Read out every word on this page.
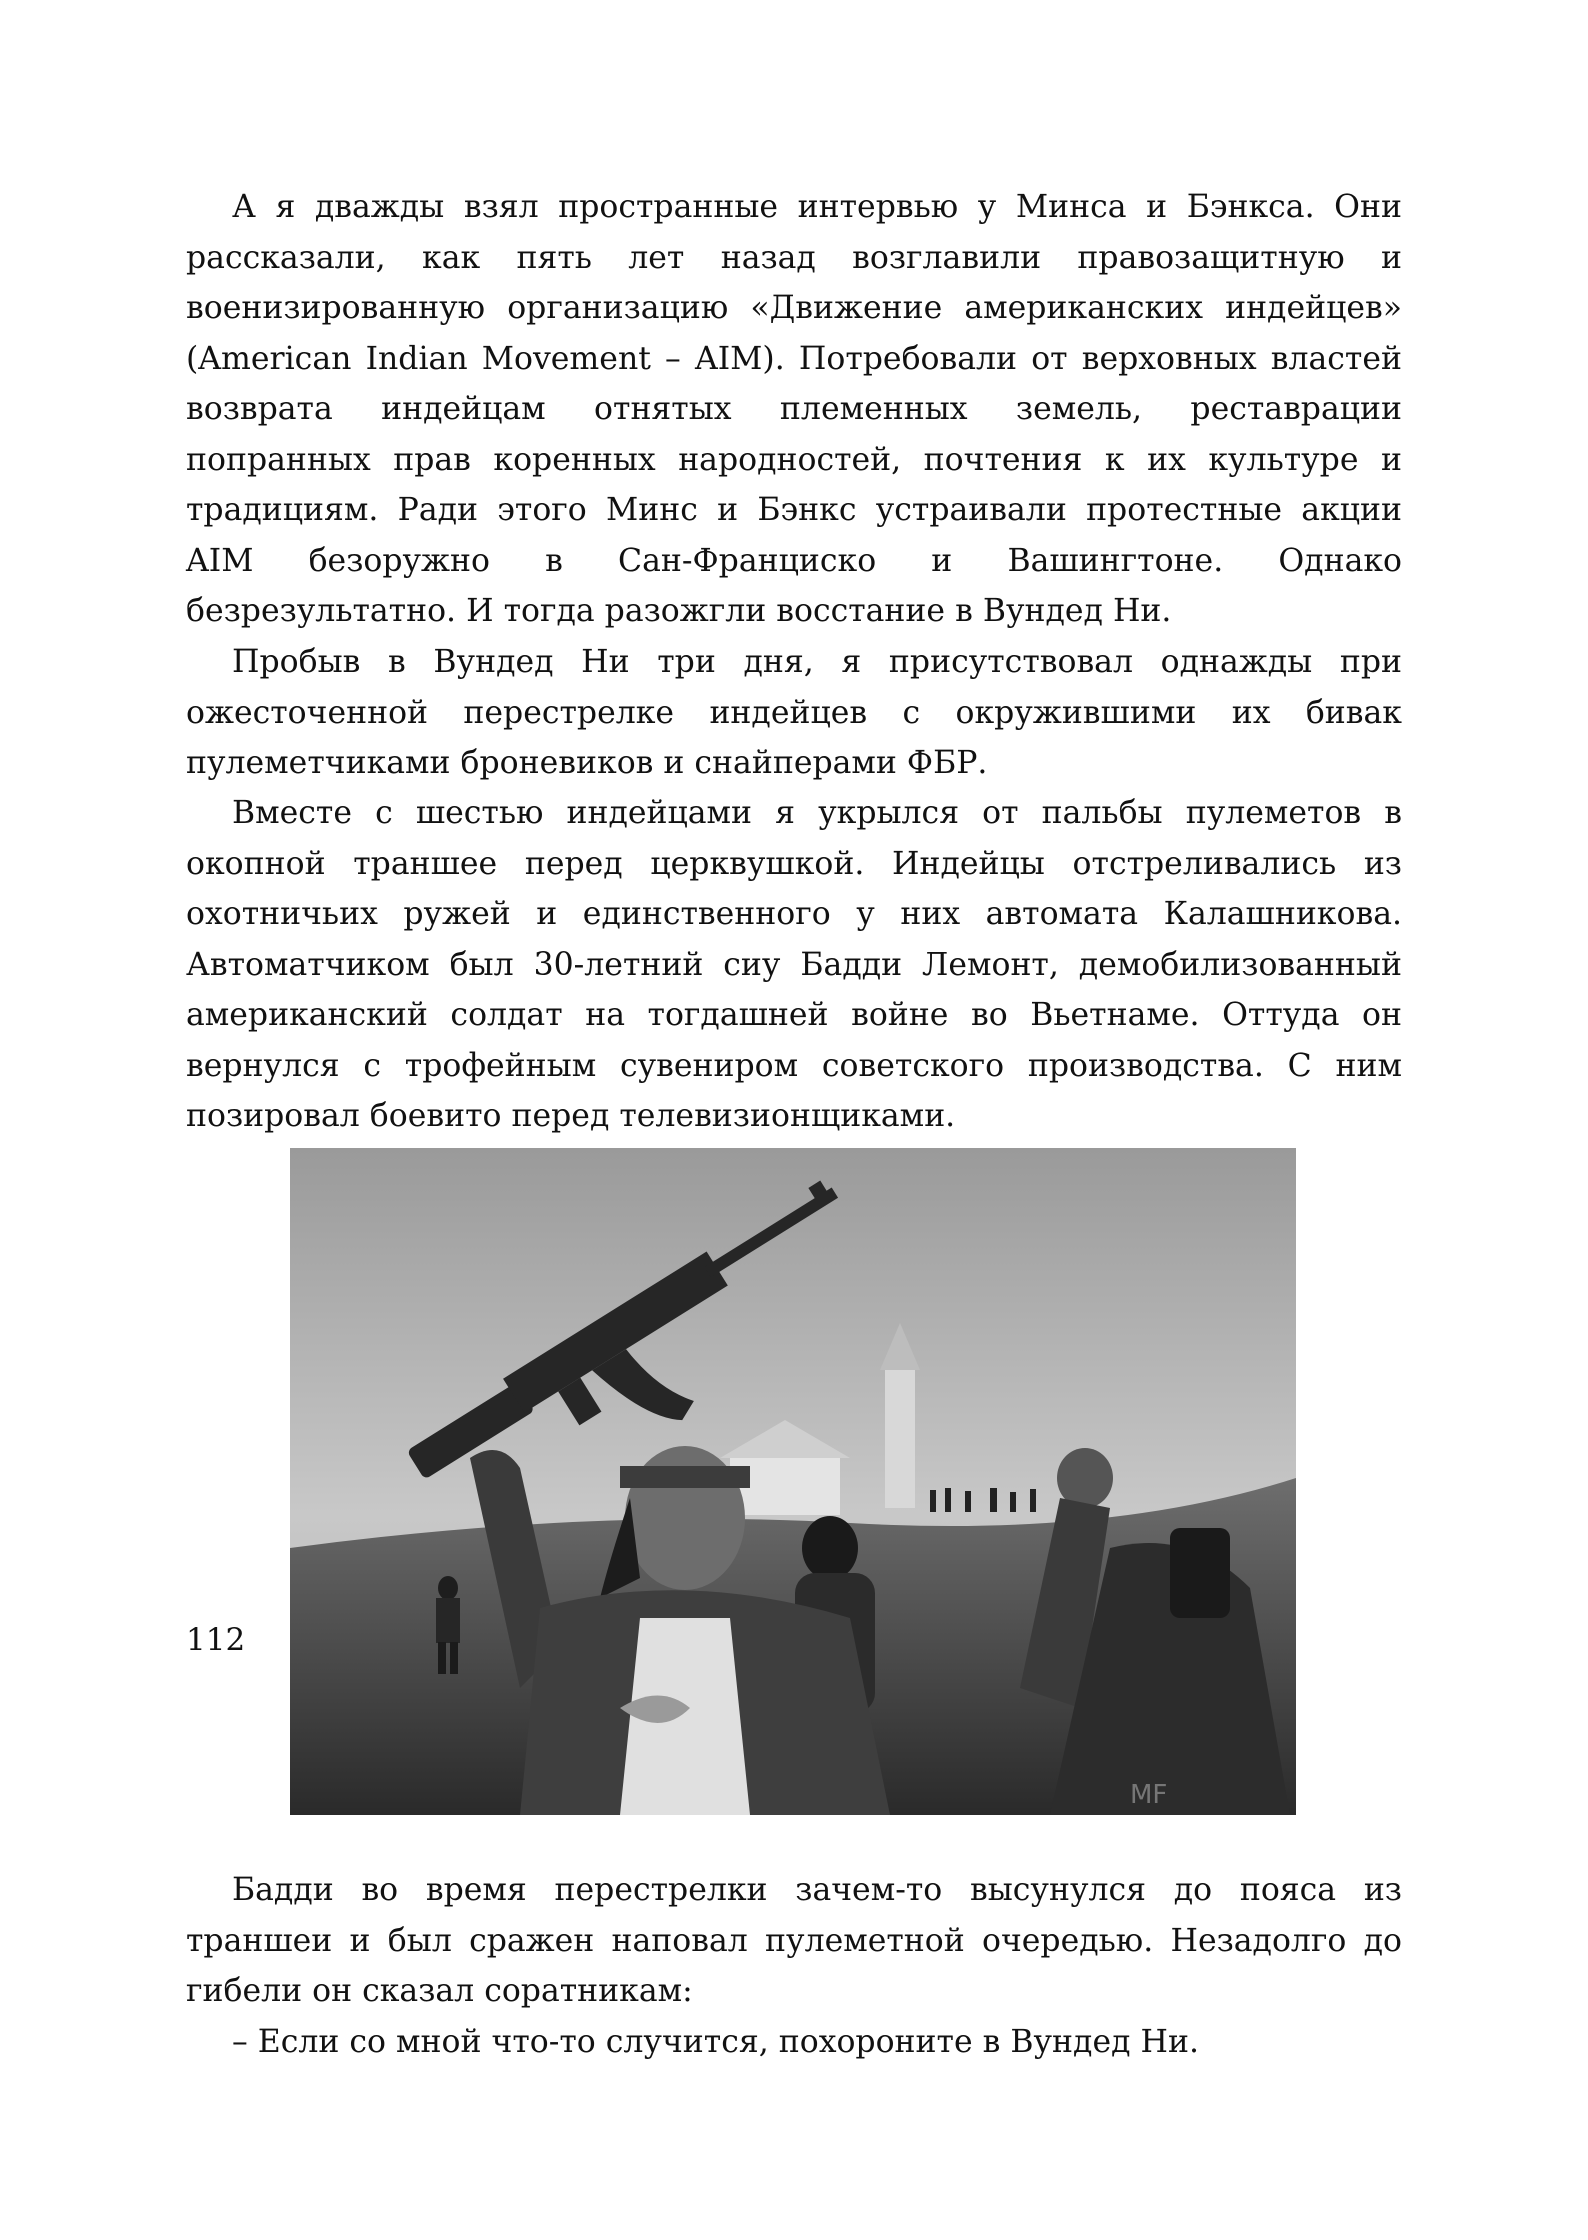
А я дважды взял пространные интервью у Минса и Бэнкса. Они рассказали, как пять лет назад возглавили правозащитную и военизированную организацию «Движение американских индейцев» (American Indian Movement – AIM). Потребовали от верховных властей возврата индейцам отнятых племенных земель, реставрации попранных прав коренных народностей, почтения к их культуре и традициям. Ради этого Минс и Бэнкс устраивали протестные акции AIM безоружно в Сан-Франциско и Вашингтоне. Однако безрезультатно. И тогда разожгли восстание в Вундед Ни.

Пробыв в Вундед Ни три дня, я присутствовал однажды при ожесточенной перестрелке индейцев с окружившими их бивак пулеметчиками броневиков и снайперами ФБР.

Вместе с шестью индейцами я укрылся от пальбы пулеметов в окопной траншее перед церквушкой. Индейцы отстреливались из охотничьих ружей и единственного у них автомата Калашникова. Автоматчиком был 30-летний сиу Бадди Лемонт, демобилизованный американский солдат на тогдашней войне во Вьетнаме. Оттуда он вернулся с трофейным сувениром советского производства. С ним позировал боевито перед телевизионщиками.

MF

Бадди во время перестрелки зачем-то высунулся до пояса из траншеи и был сражен наповал пулеметной очередью. Незадолго до гибели он сказал соратникам:

– Если со мной что-то случится, похороните в Вундед Ни.

112
